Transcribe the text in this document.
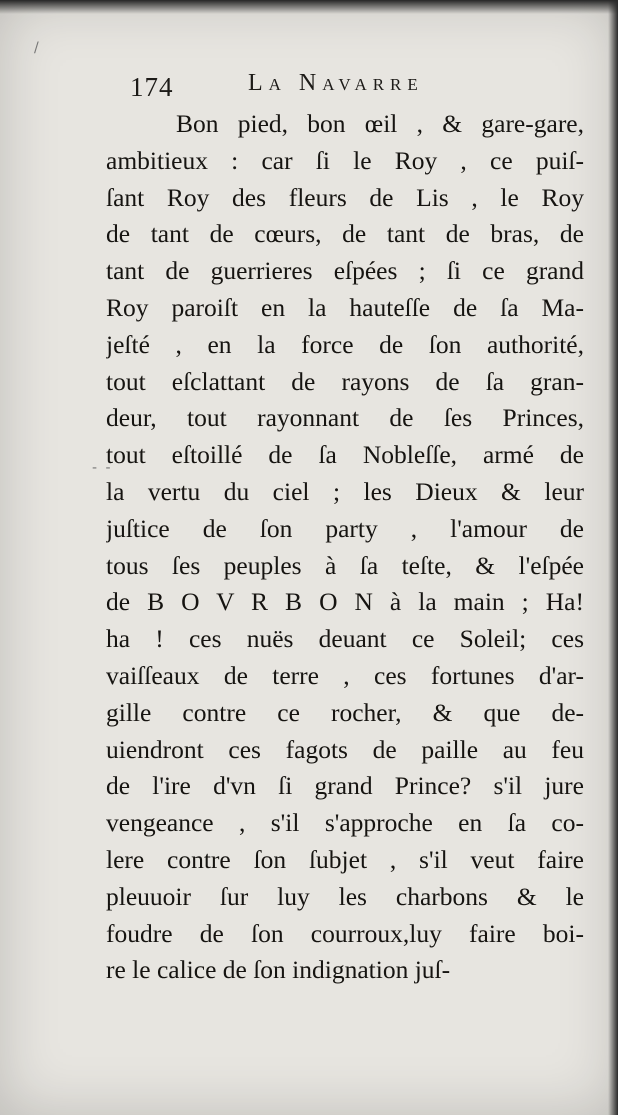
/
- -
174	La Navarre
Bon pied, bon œil , & gare-gare,
ambitieux : car ſi le Roy , ce puiſ-
ſant Roy des fleurs de Lis , le Roy
de tant de cœurs, de tant de bras, de
tant de guerrieres eſpées ; ſi ce grand
Roy paroiſt en la hauteſſe de ſa Ma-
jeſté , en la force de ſon authorité,
tout eſclattant de rayons de ſa gran-
deur, tout rayonnant de ſes Princes,
tout eſtoillé de ſa Nobleſſe, armé de
la vertu du ciel ; les Dieux & leur
juſtice de ſon party , l'amour de
tous ſes peuples à ſa teſte, & l'eſpée
de B O V R B O N à la main ; Ha!
ha ! ces nuës deuant ce Soleil; ces
vaiſſeaux de terre , ces fortunes d'ar-
gille contre ce rocher, & que de-
uiendront ces fagots de paille au feu
de l'ire d'vn ſi grand Prince? s'il jure
vengeance , s'il s'approche en ſa co-
lere contre ſon ſubjet , s'il veut faire
pleuuoir ſur luy les charbons & le
foudre de ſon courroux,luy faire boi-
re le calice de ſon indignation juſ-
